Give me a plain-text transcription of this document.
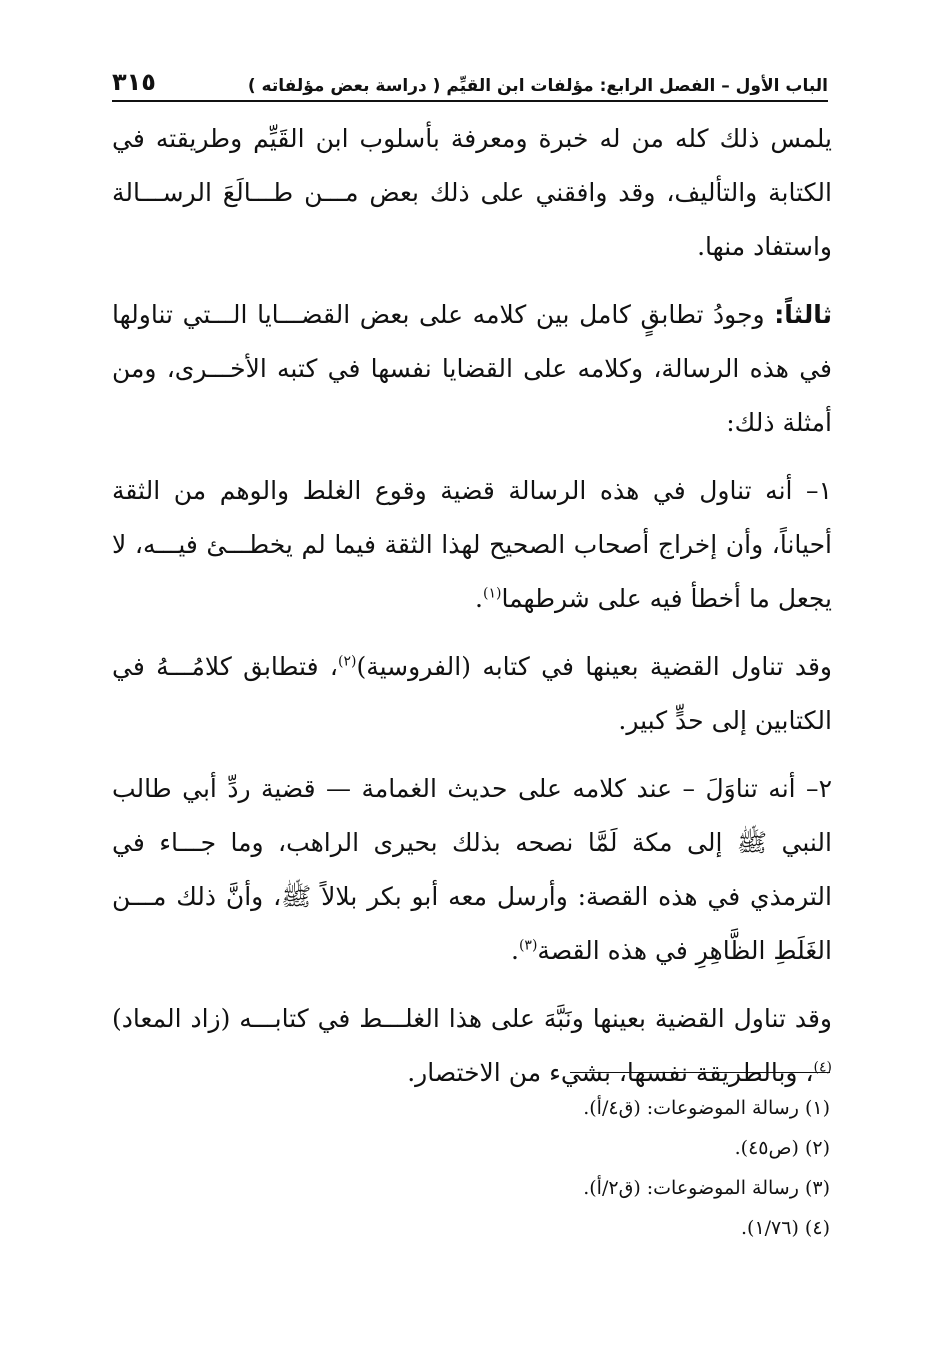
الباب الأول – الفصل الرابع: مؤلفات ابن القيِّم ( دراسة بعض مؤلفاته )
٣١٥

يلمس ذلك كله من له خبرة ومعرفة بأسلوب ابن القَيِّم وطريقته في الكتابة والتأليف، وقد وافقني على ذلك بعض مـــن طـــالَعَ الرســـالة واستفاد منها.

ثالثاً: وجودُ تطابقٍ كامل بين كلامه على بعض القضـــايا الـــتي تناولها في هذه الرسالة، وكلامه على القضايا نفسها في كتبه الأخـــرى، ومن أمثلة ذلك:

١– أنه تناول في هذه الرسالة قضية وقوع الغلط والوهم من الثقة أحياناً، وأن إخراج أصحاب الصحيح لهذا الثقة فيما لم يخطـــئ فيـــه، لا يجعل ما أخطأ فيه على شرطهما$^{(١)}$.

وقد تناول القضية بعينها في كتابه (الفروسية)$^{(٢)}$، فتطابق كلامُـــهُ في الكتابين إلى حدٍّ كبير.

٢– أنه تناوَلَ – عند كلامه على حديث الغمامة — قضية ردِّ أبي طالب النبي ﷺ إلى مكة لَمَّا نصحه بذلك بحيرى الراهب، وما جـــاء في الترمذي في هذه القصة: وأرسل معه أبو بكر بلالاً ﷺ، وأنَّ ذلك مـــن الغَلَطِ الظَّاهِرِ في هذه القصة$^{(٣)}$.

وقد تناول القضية بعينها ونَبَّهَ على هذا الغلـــط في كتابـــه (زاد المعاد)$^{(٤)}$، وبالطريقة نفسها، بشيء من الاختصار.

(١) رسالة الموضوعات: (ق٤/أ).
(٢) (ص٤٥).
(٣) رسالة الموضوعات: (ق٢/أ).
(٤) (١/٧٦).
